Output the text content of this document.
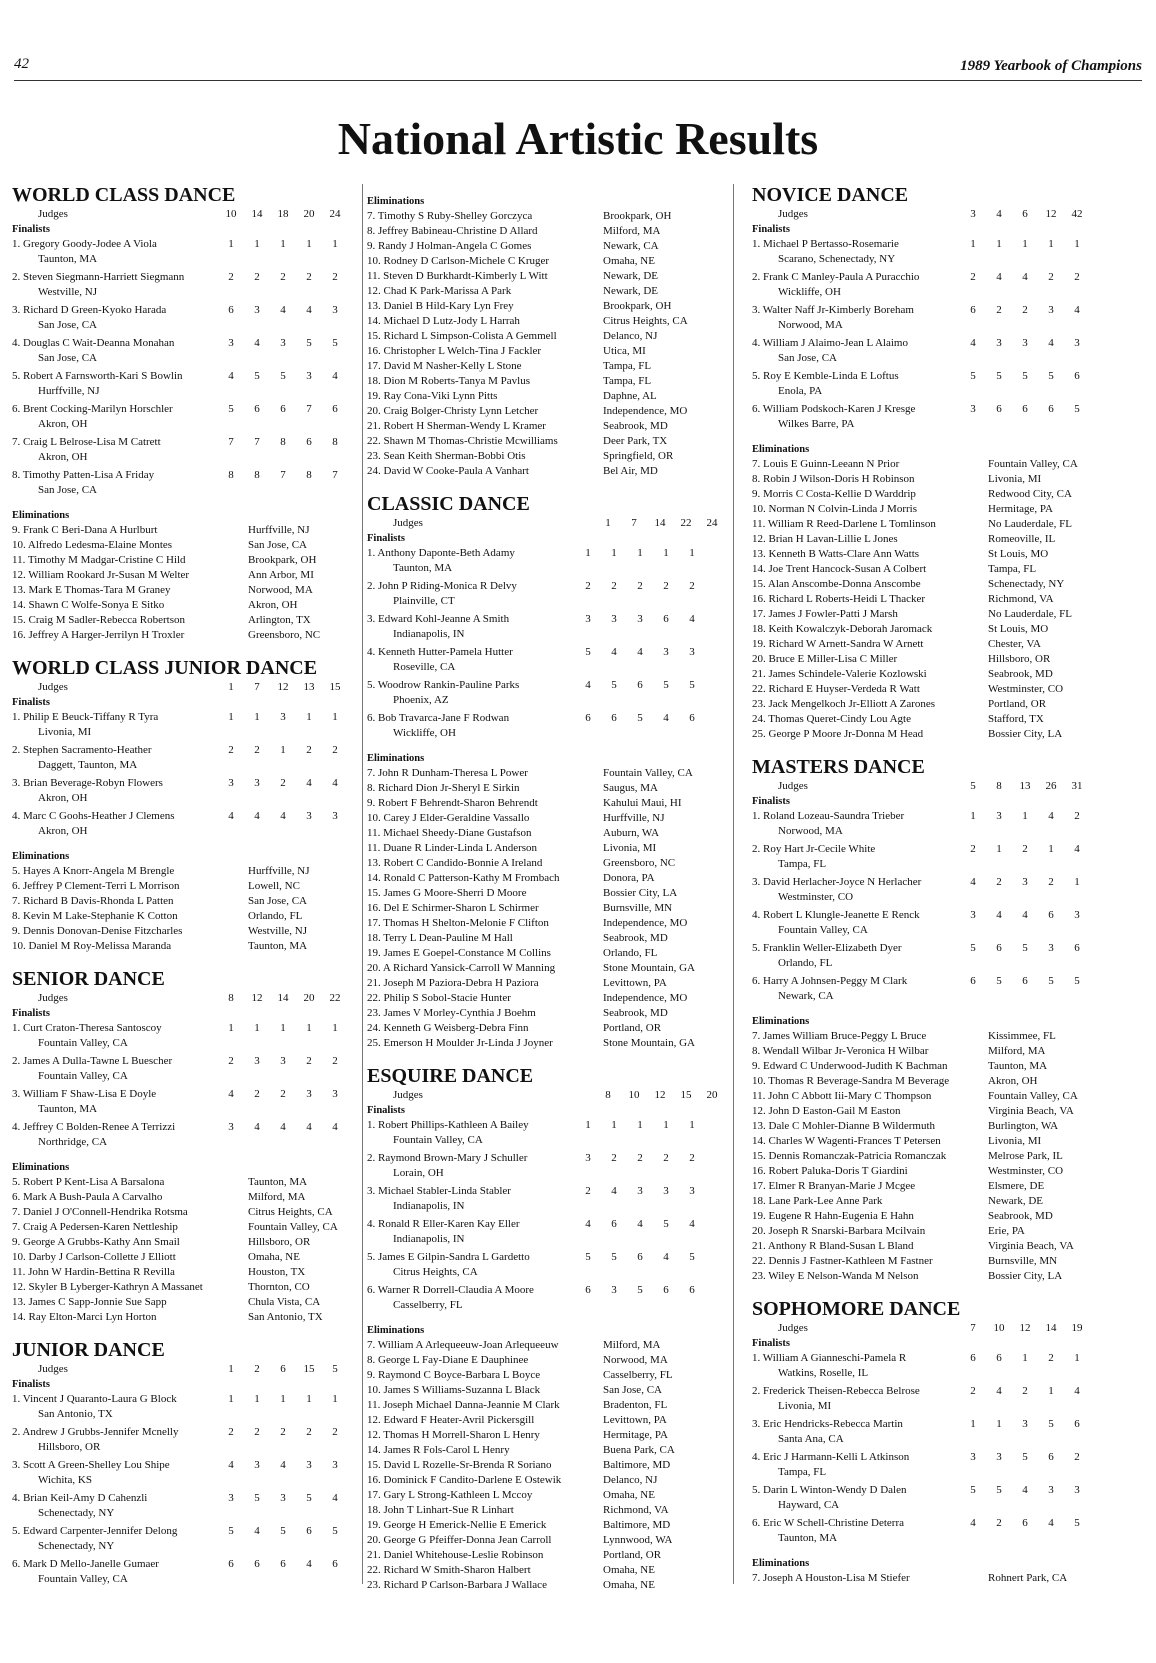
42	1989 Yearbook of Champions
National Artistic Results
WORLD CLASS DANCE
Judges	10	14	18	20	24
Finalists
1. Gregory Goody-Jodee A Viola	1	1	1	1	1
Taunton, MA
2. Steven Siegmann-Harriett Siegmann	2	2	2	2	2
Westville, NJ
3. Richard D Green-Kyoko Harada	6	3	4	4	3
San Jose, CA
4. Douglas C Wait-Deanna Monahan	3	4	3	5	5
San Jose, CA
5. Robert A Farnsworth-Kari S Bowlin	4	5	5	3	4
Hurffville, NJ
6. Brent Cocking-Marilyn Horschler	5	6	6	7	6
Akron, OH
7. Craig L Belrose-Lisa M Catrett	7	7	8	6	8
Akron, OH
8. Timothy Patten-Lisa A Friday	8	8	7	8	7
San Jose, CA
Eliminations
9. Frank C Beri-Dana A Hurlburt	Hurffville, NJ
10. Alfredo Ledesma-Elaine Montes	San Jose, CA
11. Timothy M Madgar-Cristine C Hild	Brookpark, OH
12. William Rookard Jr-Susan M Welter	Ann Arbor, MI
13. Mark E Thomas-Tara M Graney	Norwood, MA
14. Shawn C Wolfe-Sonya E Sitko	Akron, OH
15. Craig M Sadler-Rebecca Robertson	Arlington, TX
16. Jeffrey A Harger-Jerrilyn H Troxler	Greensboro, NC
WORLD CLASS JUNIOR DANCE
Judges	1	7	12	13	15
Finalists
1. Philip E Beuck-Tiffany R Tyra	1	1	3	1	1
Livonia, MI
2. Stephen Sacramento-Heather	2	2	1	2	2
Daggett, Taunton, MA
3. Brian Beverage-Robyn Flowers	3	3	2	4	4
Akron, OH
4. Marc C Goohs-Heather J Clemens	4	4	4	3	3
Akron, OH
Eliminations
5. Hayes A Knorr-Angela M Brengle	Hurffville, NJ
6. Jeffrey P Clement-Terri L Morrison	Lowell, NC
7. Richard B Davis-Rhonda L Patten	San Jose, CA
8. Kevin M Lake-Stephanie K Cotton	Orlando, FL
9. Dennis Donovan-Denise Fitzcharles	Westville, NJ
10. Daniel M Roy-Melissa Maranda	Taunton, MA
SENIOR DANCE
Judges	8	12	14	20	22
Finalists
1. Curt Craton-Theresa Santoscoy	1	1	1	1	1
Fountain Valley, CA
2. James A Dulla-Tawne L Buescher	2	3	3	2	2
Fountain Valley, CA
3. William F Shaw-Lisa E Doyle	4	2	2	3	3
Taunton, MA
4. Jeffrey C Bolden-Renee A Terrizzi	3	4	4	4	4
Northridge, CA
Eliminations
5. Robert P Kent-Lisa A Barsalona	Taunton, MA
6. Mark A Bush-Paula A Carvalho	Milford, MA
7. Daniel J O'Connell-Hendrika Rotsma	Citrus Heights, CA
7. Craig A Pedersen-Karen Nettleship	Fountain Valley, CA
9. George A Grubbs-Kathy Ann Smail	Hillsboro, OR
10. Darby J Carlson-Collette J Elliott	Omaha, NE
11. John W Hardin-Bettina R Revilla	Houston, TX
12. Skyler B Lyberger-Kathryn A Massanet	Thornton, CO
13. James C Sapp-Jonnie Sue Sapp	Chula Vista, CA
14. Ray Elton-Marci Lyn Horton	San Antonio, TX
JUNIOR DANCE
Judges	1	2	6	15	5
Finalists
1. Vincent J Quaranto-Laura G Block	1	1	1	1	1
San Antonio, TX
2. Andrew J Grubbs-Jennifer Mcnelly	2	2	2	2	2
Hillsboro, OR
3. Scott A Green-Shelley Lou Shipe	4	3	4	3	3
Wichita, KS
4. Brian Keil-Amy D Cahenzli	3	5	3	5	4
Schenectady, NY
5. Edward Carpenter-Jennifer Delong	5	4	5	6	5
Schenectady, NY
6. Mark D Mello-Janelle Gumaer	6	6	6	4	6
Fountain Valley, CA
Eliminations
7. Timothy S Ruby-Shelley Gorczyca	Brookpark, OH
8. Jeffrey Babineau-Christine D Allard	Milford, MA
9. Randy J Holman-Angela C Gomes	Newark, CA
10. Rodney D Carlson-Michele C Kruger	Omaha, NE
11. Steven D Burkhardt-Kimberly L Witt	Newark, DE
12. Chad K Park-Marissa A Park	Newark, DE
13. Daniel B Hild-Kary Lyn Frey	Brookpark, OH
14. Michael D Lutz-Jody L Harrah	Citrus Heights, CA
15. Richard L Simpson-Colista A Gemmell	Delanco, NJ
16. Christopher L Welch-Tina J Fackler	Utica, MI
17. David M Nasher-Kelly L Stone	Tampa, FL
18. Dion M Roberts-Tanya M Pavlus	Tampa, FL
19. Ray Cona-Viki Lynn Pitts	Daphne, AL
20. Craig Bolger-Christy Lynn Letcher	Independence, MO
21. Robert H Sherman-Wendy L Kramer	Seabrook, MD
22. Shawn M Thomas-Christie Mcwilliams	Deer Park, TX
23. Sean Keith Sherman-Bobbi Otis	Springfield, OR
24. David W Cooke-Paula A Vanhart	Bel Air, MD
CLASSIC DANCE
Judges	1	7	14	22	24
Finalists
1. Anthony Daponte-Beth Adamy	1	1	1	1	1
Taunton, MA
2. John P Riding-Monica R Delvy	2	2	2	2	2
Plainville, CT
3. Edward Kohl-Jeanne A Smith	3	3	3	6	4
Indianapolis, IN
4. Kenneth Hutter-Pamela Hutter	5	4	4	3	3
Roseville, CA
5. Woodrow Rankin-Pauline Parks	4	5	6	5	5
Phoenix, AZ
6. Bob Travarca-Jane F Rodwan	6	6	5	4	6
Wickliffe, OH
Eliminations
7. John R Dunham-Theresa L Power	Fountain Valley, CA
8. Richard Dion Jr-Sheryl E Sirkin	Saugus, MA
9. Robert F Behrendt-Sharon Behrendt	Kahului Maui, HI
10. Carey J Elder-Geraldine Vassallo	Hurffville, NJ
11. Michael Sheedy-Diane Gustafson	Auburn, WA
11. Duane R Linder-Linda L Anderson	Livonia, MI
13. Robert C Candido-Bonnie A Ireland	Greensboro, NC
14. Ronald C Patterson-Kathy M Frombach	Donora, PA
15. James G Moore-Sherri D Moore	Bossier City, LA
16. Del E Schirmer-Sharon L Schirmer	Burnsville, MN
17. Thomas H Shelton-Melonie F Clifton	Independence, MO
18. Terry L Dean-Pauline M Hall	Seabrook, MD
19. James E Goepel-Constance M Collins	Orlando, FL
20. A Richard Yansick-Carroll W Manning	Stone Mountain, GA
21. Joseph M Paziora-Debra H Paziora	Levittown, PA
22. Philip S Sobol-Stacie Hunter	Independence, MO
23. James V Morley-Cynthia J Boehm	Seabrook, MD
24. Kenneth G Weisberg-Debra Finn	Portland, OR
25. Emerson H Moulder Jr-Linda J Joyner	Stone Mountain, GA
ESQUIRE DANCE
Judges	8	10	12	15	20
Finalists
1. Robert Phillips-Kathleen A Bailey	1	1	1	1	1
Fountain Valley, CA
2. Raymond Brown-Mary J Schuller	3	2	2	2	2
Lorain, OH
3. Michael Stabler-Linda Stabler	2	4	3	3	3
Indianapolis, IN
4. Ronald R Eller-Karen Kay Eller	4	6	4	5	4
Indianapolis, IN
5. James E Gilpin-Sandra L Gardetto	5	5	6	4	5
Citrus Heights, CA
6. Warner R Dorrell-Claudia A Moore	6	3	5	6	6
Casselberry, FL
Eliminations
7. William A Arlequeeuw-Joan Arlequeeuw	Milford, MA
8. George L Fay-Diane E Dauphinee	Norwood, MA
9. Raymond C Boyce-Barbara L Boyce	Casselberry, FL
10. James S Williams-Suzanna L Black	San Jose, CA
11. Joseph Michael Danna-Jeannie M Clark	Bradenton, FL
12. Edward F Heater-Avril Pickersgill	Levittown, PA
12. Thomas H Morrell-Sharon L Henry	Hermitage, PA
14. James R Fols-Carol L Henry	Buena Park, CA
15. David L Rozelle-Sr-Brenda R Soriano	Baltimore, MD
16. Dominick F Candito-Darlene E Ostewik	Delanco, NJ
17. Gary L Strong-Kathleen L Mccoy	Omaha, NE
18. John T Linhart-Sue R Linhart	Richmond, VA
19. George H Emerick-Nellie E Emerick	Baltimore, MD
20. George G Pfeiffer-Donna Jean Carroll	Lynnwood, WA
21. Daniel Whitehouse-Leslie Robinson	Portland, OR
22. Richard W Smith-Sharon Halbert	Omaha, NE
23. Richard P Carlson-Barbara J Wallace	Omaha, NE
NOVICE DANCE
Judges	3	4	6	12	42
Finalists
1. Michael P Bertasso-Rosemarie	1	1	1	1	1
Scarano, Schenectady, NY
2. Frank C Manley-Paula A Puracchio	2	4	4	2	2
Wickliffe, OH
3. Walter Naff Jr-Kimberly Boreham	6	2	2	3	4
Norwood, MA
4. William J Alaimo-Jean L Alaimo	4	3	3	4	3
San Jose, CA
5. Roy E Kemble-Linda E Loftus	5	5	5	5	6
Enola, PA
6. William Podskoch-Karen J Kresge	3	6	6	6	5
Wilkes Barre, PA
Eliminations
7. Louis E Guinn-Leeann N Prior	Fountain Valley, CA
8. Robin J Wilson-Doris H Robinson	Livonia, MI
9. Morris C Costa-Kellie D Warddrip	Redwood City, CA
10. Norman N Colvin-Linda J Morris	Hermitage, PA
11. William R Reed-Darlene L Tomlinson	No Lauderdale, FL
12. Brian H Lavan-Lillie L Jones	Romeoville, IL
13. Kenneth B Watts-Clare Ann Watts	St Louis, MO
14. Joe Trent Hancock-Susan A Colbert	Tampa, FL
15. Alan Anscombe-Donna Anscombe	Schenectady, NY
16. Richard L Roberts-Heidi L Thacker	Richmond, VA
17. James J Fowler-Patti J Marsh	No Lauderdale, FL
18. Keith Kowalczyk-Deborah Jaromack	St Louis, MO
19. Richard W Arnett-Sandra W Arnett	Chester, VA
20. Bruce E Miller-Lisa C Miller	Hillsboro, OR
21. James Schindele-Valerie Kozlowski	Seabrook, MD
22. Richard E Huyser-Verdeda R Watt	Westminster, CO
23. Jack Mengelkoch Jr-Elliott A Zarones	Portland, OR
24. Thomas Queret-Cindy Lou Agte	Stafford, TX
25. George P Moore Jr-Donna M Head	Bossier City, LA
MASTERS DANCE
Judges	5	8	13	26	31
Finalists
1. Roland Lozeau-Saundra Trieber	1	3	1	4	2
Norwood, MA
2. Roy Hart Jr-Cecile White	2	1	2	1	4
Tampa, FL
3. David Herlacher-Joyce N Herlacher	4	2	3	2	1
Westminster, CO
4. Robert L Klungle-Jeanette E Renck	3	4	4	6	3
Fountain Valley, CA
5. Franklin Weller-Elizabeth Dyer	5	6	5	3	6
Orlando, FL
6. Harry A Johnsen-Peggy M Clark	6	5	6	5	5
Newark, CA
Eliminations
7. James William Bruce-Peggy L Bruce	Kissimmee, FL
8. Wendall Wilbar Jr-Veronica H Wilbar	Milford, MA
9. Edward C Underwood-Judith K Bachman	Taunton, MA
10. Thomas R Beverage-Sandra M Beverage	Akron, OH
11. John C Abbott Iii-Mary C Thompson	Fountain Valley, CA
12. John D Easton-Gail M Easton	Virginia Beach, VA
13. Dale C Mohler-Dianne B Wildermuth	Burlington, WA
14. Charles W Wagenti-Frances T Petersen	Livonia, MI
15. Dennis Romanczak-Patricia Romanczak	Melrose Park, IL
16. Robert Paluka-Doris T Giardini	Westminster, CO
17. Elmer R Branyan-Marie J Mcgee	Elsmere, DE
18. Lane Park-Lee Anne Park	Newark, DE
19. Eugene R Hahn-Eugenia E Hahn	Seabrook, MD
20. Joseph R Snarski-Barbara Mcilvain	Erie, PA
21. Anthony R Bland-Susan L Bland	Virginia Beach, VA
22. Dennis J Fastner-Kathleen M Fastner	Burnsville, MN
23. Wiley E Nelson-Wanda M Nelson	Bossier City, LA
SOPHOMORE DANCE
Judges	7	10	12	14	19
Finalists
1. William A Gianneschi-Pamela R	6	6	1	2	1
Watkins, Roselle, IL
2. Frederick Theisen-Rebecca Belrose	2	4	2	1	4
Livonia, MI
3. Eric Hendricks-Rebecca Martin	1	1	3	5	6
Santa Ana, CA
4. Eric J Harmann-Kelli L Atkinson	3	3	5	6	2
Tampa, FL
5. Darin L Winton-Wendy D Dalen	5	5	4	3	3
Hayward, CA
6. Eric W Schell-Christine Deterra	4	2	6	4	5
Taunton, MA
Eliminations
7. Joseph A Houston-Lisa M Stiefer	Rohnert Park, CA
